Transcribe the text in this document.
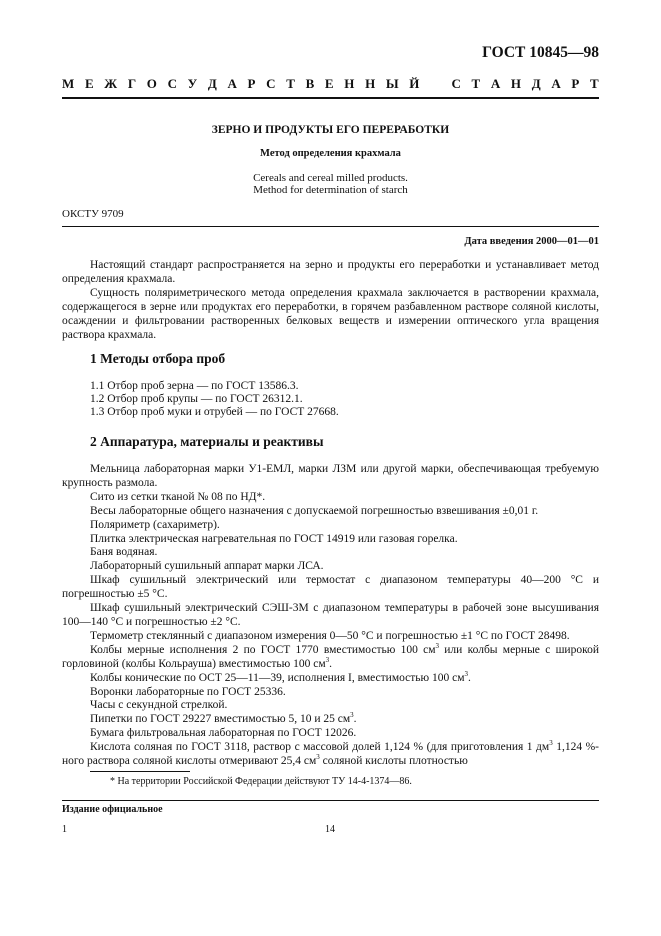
ГОСТ 10845—98
М Е Ж Г О С У Д А Р С Т В Е Н Н Ы Й С Т А Н Д А Р Т
ЗЕРНО И ПРОДУКТЫ ЕГО ПЕРЕРАБОТКИ
Метод определения крахмала
Cereals and cereal milled products.
Method for determination of starch
ОКСТУ 9709
Дата введения 2000—01—01

Настоящий стандарт распространяется на зерно и продукты его переработки и устанавливает метод определения крахмала.

Сущность поляриметрического метода определения крахмала заключается в растворении крахмала, содержащегося в зерне или продуктах его переработки, в горячем разбавленном растворе соляной кислоты, осаждении и фильтровании растворенных белковых веществ и измерении оптического угла вращения раствора крахмала.

1 Методы отбора проб
1.1 Отбор проб зерна — по ГОСТ 13586.3.
1.2 Отбор проб крупы — по ГОСТ 26312.1.
1.3 Отбор проб муки и отрубей — по ГОСТ 27668.
2 Аппаратура, материалы и реактивы

Мельница лабораторная марки У1-ЕМЛ, марки ЛЗМ или другой марки, обеспечивающая требуемую крупность размола.

Сито из сетки тканой № 08 по НД*.

Весы лабораторные общего назначения с допускаемой погрешностью взвешивания ±0,01 г.

Поляриметр (сахариметр).

Плитка электрическая нагревательная по ГОСТ 14919 или газовая горелка.

Баня водяная.

Лабораторный сушильный аппарат марки ЛСА.

Шкаф сушильный электрический или термостат с диапазоном температуры 40—200 °С и погрешностью ±5 °С.

Шкаф сушильный электрический СЭШ-3М с диапазоном температуры в рабочей зоне высушивания 100—140 °С и погрешностью ±2 °С.

Термометр стеклянный с диапазоном измерения 0—50 °С и погрешностью ±1 °С по ГОСТ 28498.

Колбы мерные исполнения 2 по ГОСТ 1770 вместимостью 100 $см^3$ или колбы мерные с широкой горловиной (колбы Кольрауша) вместимостью 100 $см^3$.

Колбы конические по ОСТ 25—11—39, исполнения I, вместимостью 100 $см^3$.

Воронки лабораторные по ГОСТ 25336.

Часы с секундной стрелкой.

Пипетки по ГОСТ 29227 вместимостью 5, 10 и 25 $см^3$.

Бумага фильтровальная лабораторная по ГОСТ 12026.

Кислота соляная по ГОСТ 3118, раствор с массовой долей 1,124 % (для приготовления 1 $дм^3$ 1,124 %-ного раствора соляной кислоты отмеривают 25,4 $см^3$ соляной кислоты плотностью

* На территории Российской Федерации действуют ТУ 14-4-1374—86.
Издание официальное
1	14
